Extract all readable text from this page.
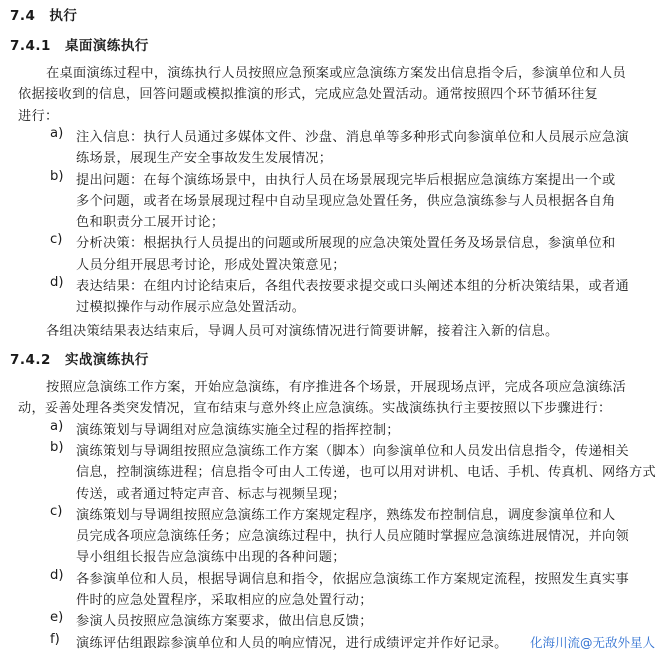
7.4 执行
7.4.1 桌面演练执行
在桌面演练过程中，演练执行人员按照应急预案或应急演练方案发出信息指令后，参演单位和人员
依据接收到的信息，回答问题或模拟推演的形式，完成应急处置活动。通常按照四个环节循环往复
进行：
a) 注入信息：执行人员通过多媒体文件、沙盘、消息单等多种形式向参演单位和人员展示应急演
练场景，展现生产安全事故发生发展情况；
b) 提出问题：在每个演练场景中，由执行人员在场景展现完毕后根据应急演练方案提出一个或
多个问题，或者在场景展现过程中自动呈现应急处置任务，供应急演练参与人员根据各自角
色和职责分工展开讨论；
c) 分析决策：根据执行人员提出的问题或所展现的应急决策处置任务及场景信息，参演单位和
人员分组开展思考讨论，形成处置决策意见；
d) 表达结果：在组内讨论结束后，各组代表按要求提交或口头阐述本组的分析决策结果，或者通
过模拟操作与动作展示应急处置活动。
各组决策结果表达结束后，导调人员可对演练情况进行简要讲解，接着注入新的信息。
7.4.2 实战演练执行
按照应急演练工作方案，开始应急演练，有序推进各个场景，开展现场点评，完成各项应急演练活
动，妥善处理各类突发情况，宣布结束与意外终止应急演练。实战演练执行主要按照以下步骤进行：
a) 演练策划与导调组对应急演练实施全过程的指挥控制；
b) 演练策划与导调组按照应急演练工作方案（脚本）向参演单位和人员发出信息指令，传递相关
信息，控制演练进程；信息指令可由人工传递，也可以用对讲机、电话、手机、传真机、网络方式
传送，或者通过特定声音、标志与视频呈现；
c) 演练策划与导调组按照应急演练工作方案规定程序，熟练发布控制信息，调度参演单位和人
员完成各项应急演练任务；应急演练过程中，执行人员应随时掌握应急演练进展情况，并向领
导小组组长报告应急演练中出现的各种问题；
d) 各参演单位和人员，根据导调信息和指令，依据应急演练工作方案规定流程，按照发生真实事
件时的应急处置程序，采取相应的应急处置行动；
e) 参演人员按照应急演练方案要求，做出信息反馈；
f) 演练评估组跟踪参演单位和人员的响应情况，进行成绩评定并作好记录。 化海川流@无敌外星人
